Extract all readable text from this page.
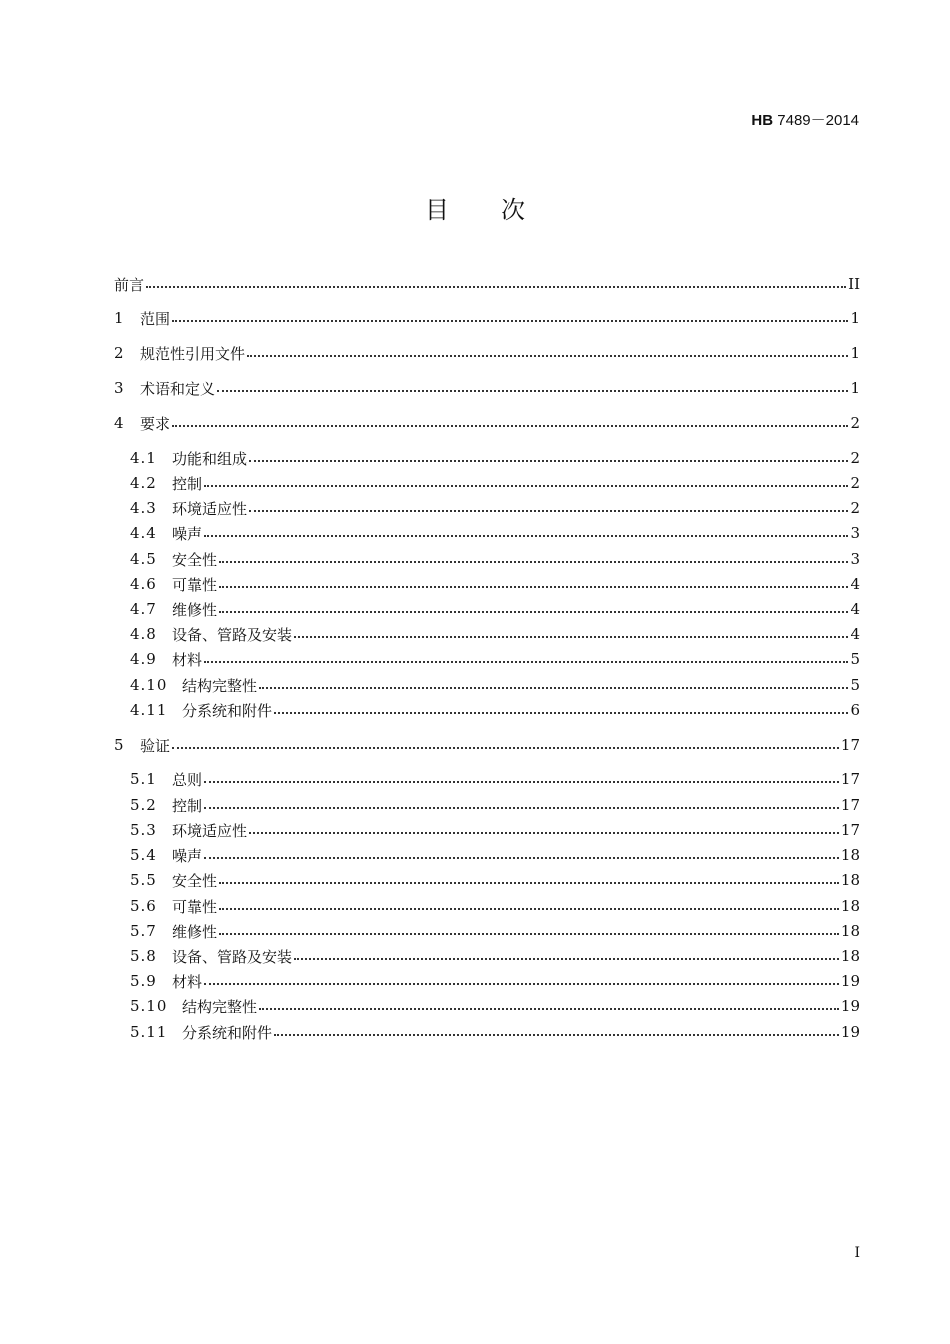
HB 7489－2014
目次
前言	II
1	范围	1
2	规范性引用文件	1
3	术语和定义	1
4	要求	2
4.1	功能和组成	2
4.2	控制	2
4.3	环境适应性	2
4.4	噪声	3
4.5	安全性	3
4.6	可靠性	4
4.7	维修性	4
4.8	设备、管路及安装	4
4.9	材料	5
4.10 结构完整性	5
4.11 分系统和附件	6
5	验证	17
5.1	总则	17
5.2	控制	17
5.3	环境适应性	17
5.4	噪声	18
5.5	安全性	18
5.6	可靠性	18
5.7	维修性	18
5.8	设备、管路及安装	18
5.9	材料	19
5.10 结构完整性	19
5.11 分系统和附件	19
I
